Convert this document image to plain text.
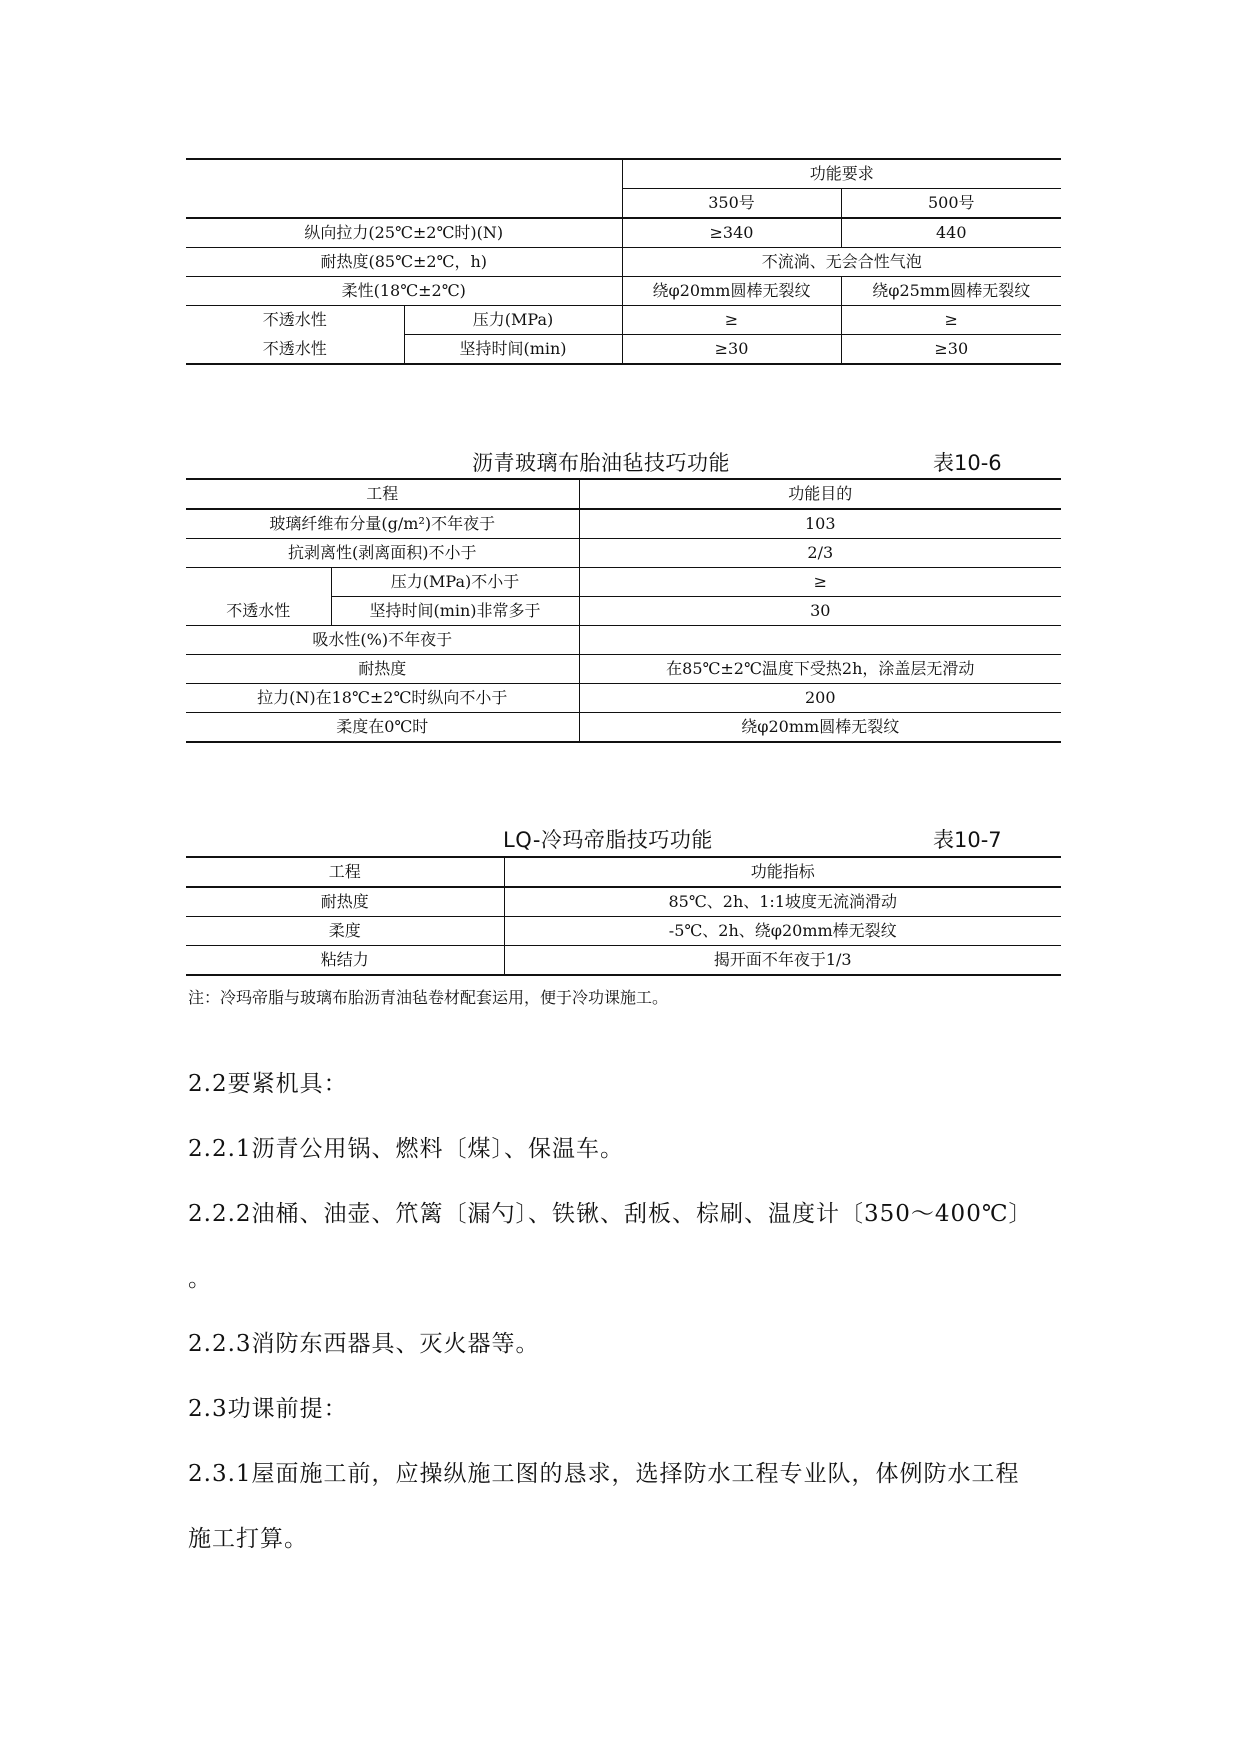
		功能要求	
		350号	500号
纵向拉力(25℃±2℃时)(N)		≥340	440
耐热度(85℃±2℃，h)		不流淌、无会合性气泡	
柔性(18℃±2℃)		绕φ20mm圆棒无裂纹	绕φ25mm圆棒无裂纹
不透水性	压力(MPa)	≥	≥
不透水性	坚持时间(min)	≥30	≥30
沥青玻璃布胎油毡技巧功能	表10-6
工程		功能目的
玻璃纤维布分量(g/m²)不年夜于		103
抗剥离性(剥离面积)不小于		2/3
不透水性	压力(MPa)不小于	≥
	坚持时间(min)非常多于	30
吸水性(%)不年夜于		
耐热度		在85℃±2℃温度下受热2h，涂盖层无滑动
拉力(N)在18℃±2℃时纵向不小于		200
柔度在0℃时		绕φ20mm圆棒无裂纹
LQ-冷玛帝脂技巧功能	表10-7
工程	功能指标
耐热度	85℃、2h、1:1坡度无流淌滑动
柔度	-5℃、2h、绕φ20mm棒无裂纹
粘结力	揭开面不年夜于1/3
注：冷玛帝脂与玻璃布胎沥青油毡卷材配套运用，便于冷功课施工。
2.2要紧机具：
2.2.1沥青公用锅、燃料〔煤〕、保温车。
2.2.2油桶、油壶、笊篱〔漏勺〕、铁锹、刮板、棕刷、温度计〔350～400℃〕
。
2.2.3消防东西器具、灭火器等。
2.3功课前提：
2.3.1屋面施工前，应操纵施工图的恳求，选择防水工程专业队，体例防水工程
施工打算。
